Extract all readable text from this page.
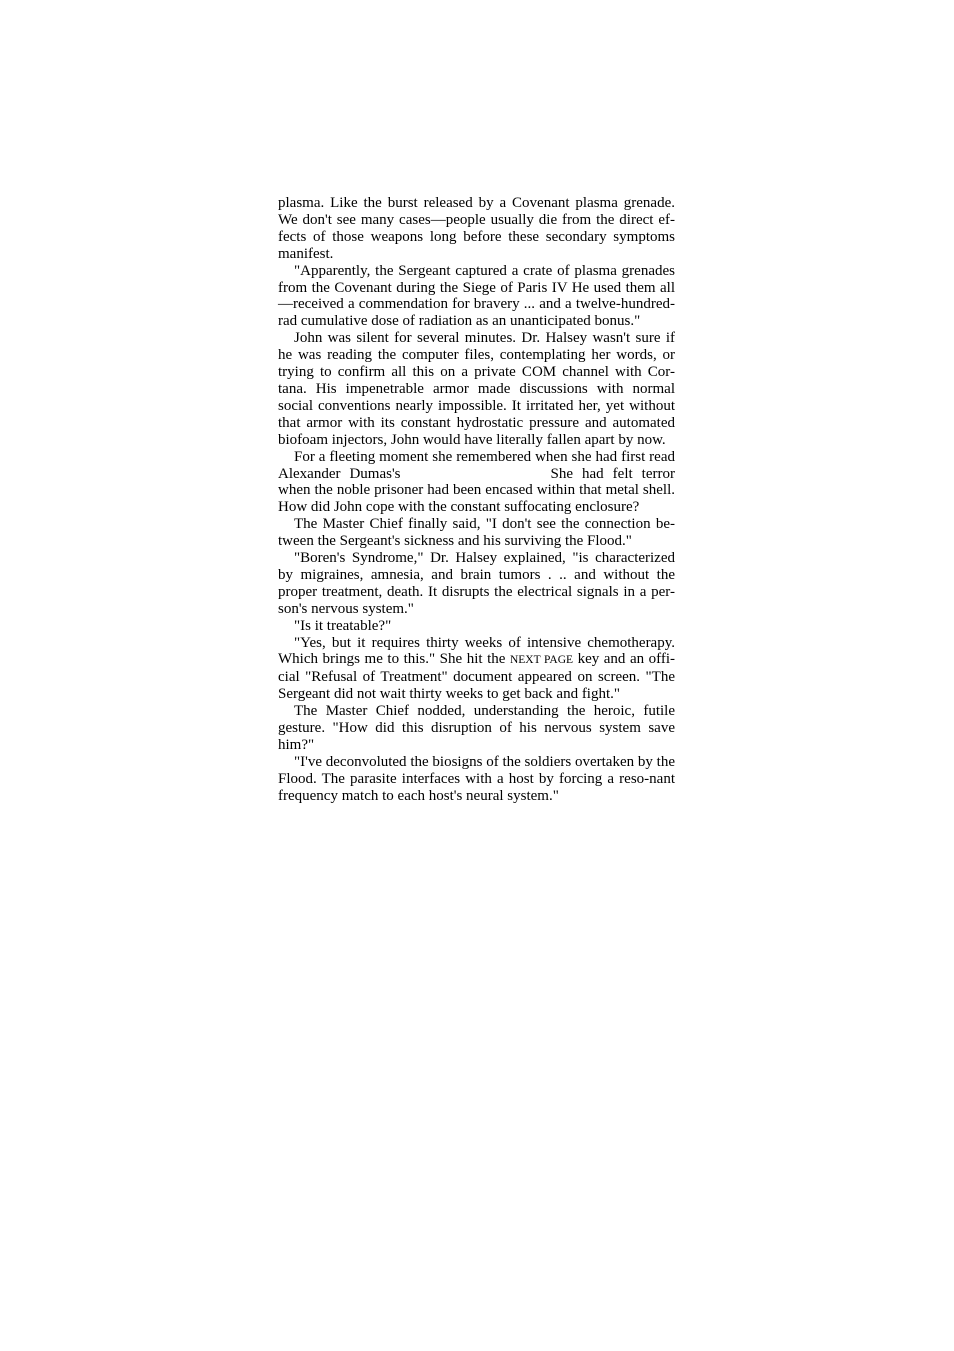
plasma. Like the burst released by a Covenant plasma grenade. We don't see many cases—people usually die from the direct ef-fects of those weapons long before these secondary symptoms manifest.

"Apparently, the Sergeant captured a crate of plasma grenades from the Covenant during the Siege of Paris IV He used them all—received a commendation for bravery ... and a twelve-hundred-rad cumulative dose of radiation as an unanticipated bonus."

John was silent for several minutes. Dr. Halsey wasn't sure if he was reading the computer files, contemplating her words, or trying to confirm all this on a private COM channel with Cor-tana. His impenetrable armor made discussions with normal social conventions nearly impossible. It irritated her, yet without that armor with its constant hydrostatic pressure and automated biofoam injectors, John would have literally fallen apart by now.

For a fleeting moment she remembered when she had first read Alexander Dumas's	She had felt terror when the noble prisoner had been encased within that metal shell. How did John cope with the constant suffocating enclosure?

The Master Chief finally said, "I don't see the connection be-tween the Sergeant's sickness and his surviving the Flood."

"Boren's Syndrome," Dr. Halsey explained, "is characterized by migraines, amnesia, and brain tumors . .. and without the proper treatment, death. It disrupts the electrical signals in a per-son's nervous system."

"Is it treatable?"

"Yes, but it requires thirty weeks of intensive chemotherapy. Which brings me to this." She hit the NEXT PAGE key and an offi-cial "Refusal of Treatment" document appeared on screen. "The Sergeant did not wait thirty weeks to get back and fight."

The Master Chief nodded, understanding the heroic, futile gesture. "How did this disruption of his nervous system save him?"

"I've deconvoluted the biosigns of the soldiers overtaken by the Flood. The parasite interfaces with a host by forcing a reso-nant frequency match to each host's neural system."
